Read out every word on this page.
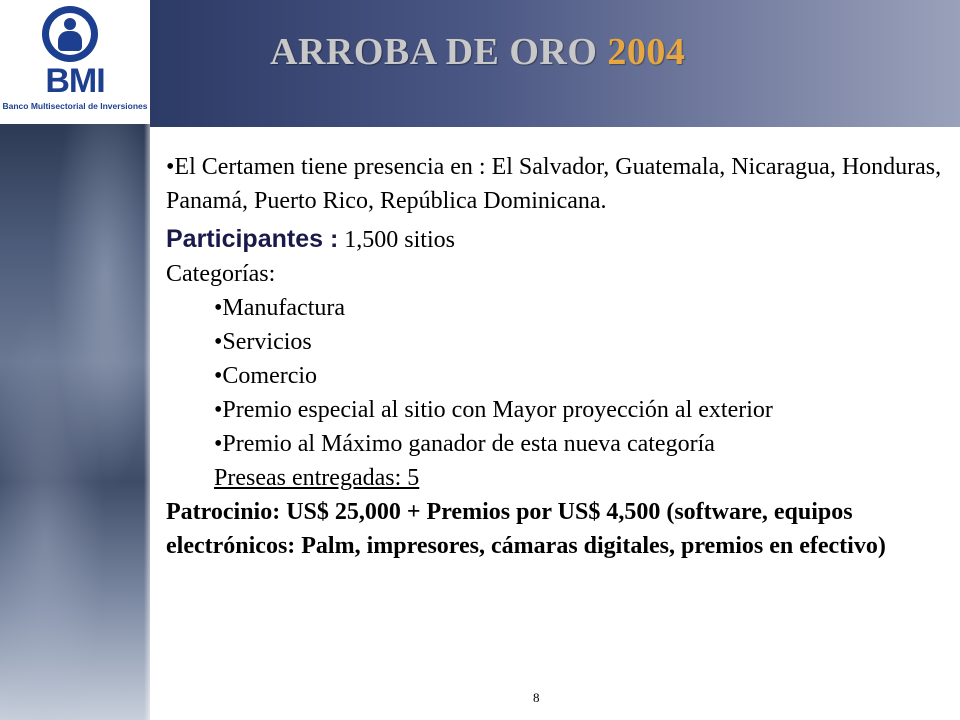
ARROBA DE ORO 2004
BMI
Banco Multisectorial de Inversiones

•El Certamen tiene presencia en : El Salvador, Guatemala, Nicaragua, Honduras, Panamá, Puerto Rico, República Dominicana.

Participantes : 1,500 sitios

Categorías:

•Manufactura

•Servicios

•Comercio

•Premio especial al sitio con Mayor proyección al exterior

•Premio al Máximo ganador de esta nueva categoría

Preseas entregadas: 5

Patrocinio: US$ 25,000 + Premios por US$ 4,500 (software, equipos electrónicos: Palm, impresores, cámaras digitales, premios en efectivo)

8
